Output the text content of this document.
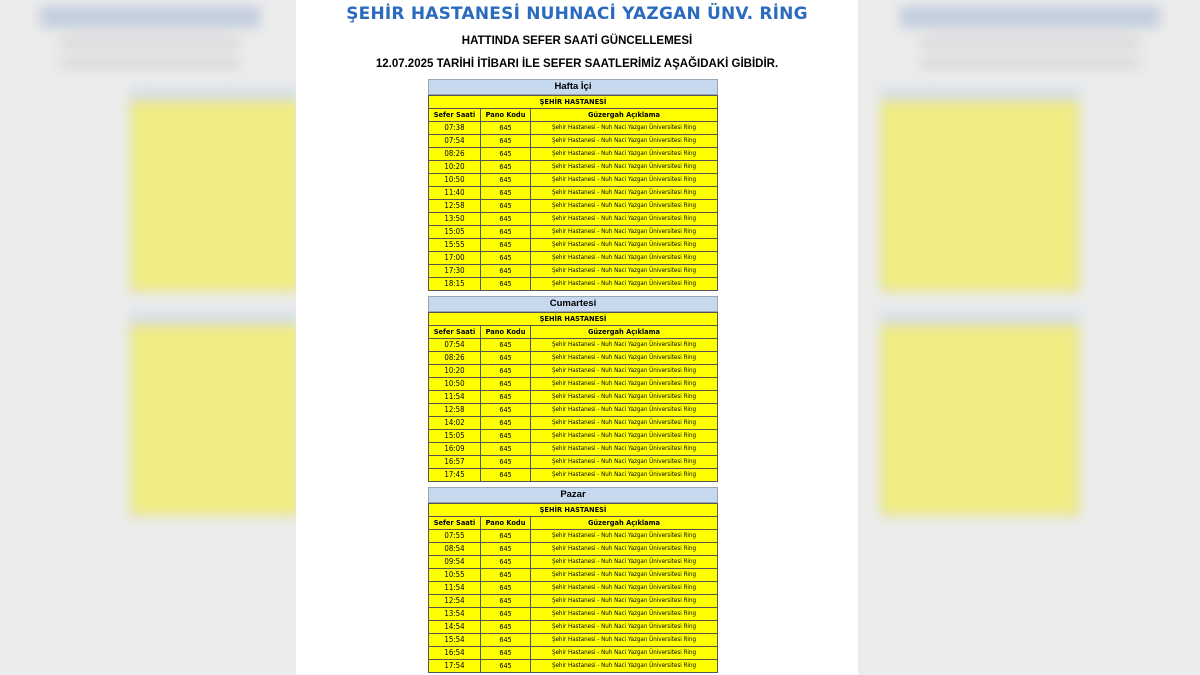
ŞEHİR HASTANESİ NUHNACİ YAZGAN ÜNV. RİNG
HATTINDA SEFER SAATİ GÜNCELLEMESİ
12.07.2025 TARİHİ İTİBARI İLE SEFER SAATLERİMİZ AŞAĞIDAKİ GİBİDİR.
Hafta İçi
ŞEHİR HASTANESİ		
Sefer Saati	Pano Kodu	Güzergah Açıklama
07:38	645	Şehir Hastanesi - Nuh Naci Yazgan Üniversitesi Ring
07:54	645	Şehir Hastanesi - Nuh Naci Yazgan Üniversitesi Ring
08:26	645	Şehir Hastanesi - Nuh Naci Yazgan Üniversitesi Ring
10:20	645	Şehir Hastanesi - Nuh Naci Yazgan Üniversitesi Ring
10:50	645	Şehir Hastanesi - Nuh Naci Yazgan Üniversitesi Ring
11:40	645	Şehir Hastanesi - Nuh Naci Yazgan Üniversitesi Ring
12:58	645	Şehir Hastanesi - Nuh Naci Yazgan Üniversitesi Ring
13:50	645	Şehir Hastanesi - Nuh Naci Yazgan Üniversitesi Ring
15:05	645	Şehir Hastanesi - Nuh Naci Yazgan Üniversitesi Ring
15:55	645	Şehir Hastanesi - Nuh Naci Yazgan Üniversitesi Ring
17:00	645	Şehir Hastanesi - Nuh Naci Yazgan Üniversitesi Ring
17:30	645	Şehir Hastanesi - Nuh Naci Yazgan Üniversitesi Ring
18:15	645	Şehir Hastanesi - Nuh Naci Yazgan Üniversitesi Ring
Cumartesi
ŞEHİR HASTANESİ		
Sefer Saati	Pano Kodu	Güzergah Açıklama
07:54	645	Şehir Hastanesi - Nuh Naci Yazgan Üniversitesi Ring
08:26	645	Şehir Hastanesi - Nuh Naci Yazgan Üniversitesi Ring
10:20	645	Şehir Hastanesi - Nuh Naci Yazgan Üniversitesi Ring
10:50	645	Şehir Hastanesi - Nuh Naci Yazgan Üniversitesi Ring
11:54	645	Şehir Hastanesi - Nuh Naci Yazgan Üniversitesi Ring
12:58	645	Şehir Hastanesi - Nuh Naci Yazgan Üniversitesi Ring
14:02	645	Şehir Hastanesi - Nuh Naci Yazgan Üniversitesi Ring
15:05	645	Şehir Hastanesi - Nuh Naci Yazgan Üniversitesi Ring
16:09	645	Şehir Hastanesi - Nuh Naci Yazgan Üniversitesi Ring
16:57	645	Şehir Hastanesi - Nuh Naci Yazgan Üniversitesi Ring
17:45	645	Şehir Hastanesi - Nuh Naci Yazgan Üniversitesi Ring
Pazar
ŞEHİR HASTANESİ		
Sefer Saati	Pano Kodu	Güzergah Açıklama
07:55	645	Şehir Hastanesi - Nuh Naci Yazgan Üniversitesi Ring
08:54	645	Şehir Hastanesi - Nuh Naci Yazgan Üniversitesi Ring
09:54	645	Şehir Hastanesi - Nuh Naci Yazgan Üniversitesi Ring
10:55	645	Şehir Hastanesi - Nuh Naci Yazgan Üniversitesi Ring
11:54	645	Şehir Hastanesi - Nuh Naci Yazgan Üniversitesi Ring
12:54	645	Şehir Hastanesi - Nuh Naci Yazgan Üniversitesi Ring
13:54	645	Şehir Hastanesi - Nuh Naci Yazgan Üniversitesi Ring
14:54	645	Şehir Hastanesi - Nuh Naci Yazgan Üniversitesi Ring
15:54	645	Şehir Hastanesi - Nuh Naci Yazgan Üniversitesi Ring
16:54	645	Şehir Hastanesi - Nuh Naci Yazgan Üniversitesi Ring
17:54	645	Şehir Hastanesi - Nuh Naci Yazgan Üniversitesi Ring
